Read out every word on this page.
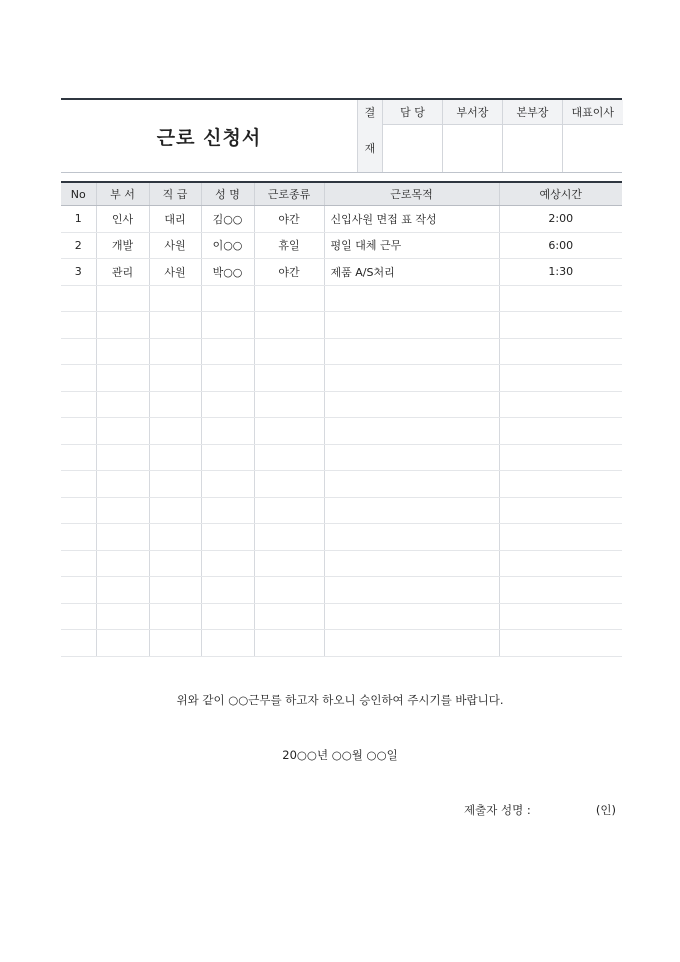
근로 신청서
결	담 당	부서장	본부장	대표이사
재				
No	부 서	직 급	성 명	근로종류	근로목적	예상시간
1	인사	대리	김○○	야간	신입사원 면접 표 작성	2:00
2	개발	사원	이○○	휴일	평일 대체 근무	6:00
3	관리	사원	박○○	야간	제품 A/S처리	1:30

위와 같이 ○○근무를 하고자 하오니 승인하여 주시기를 바랍니다.
20○○년 ○○월 ○○일
제출자 성명 :	(인)
